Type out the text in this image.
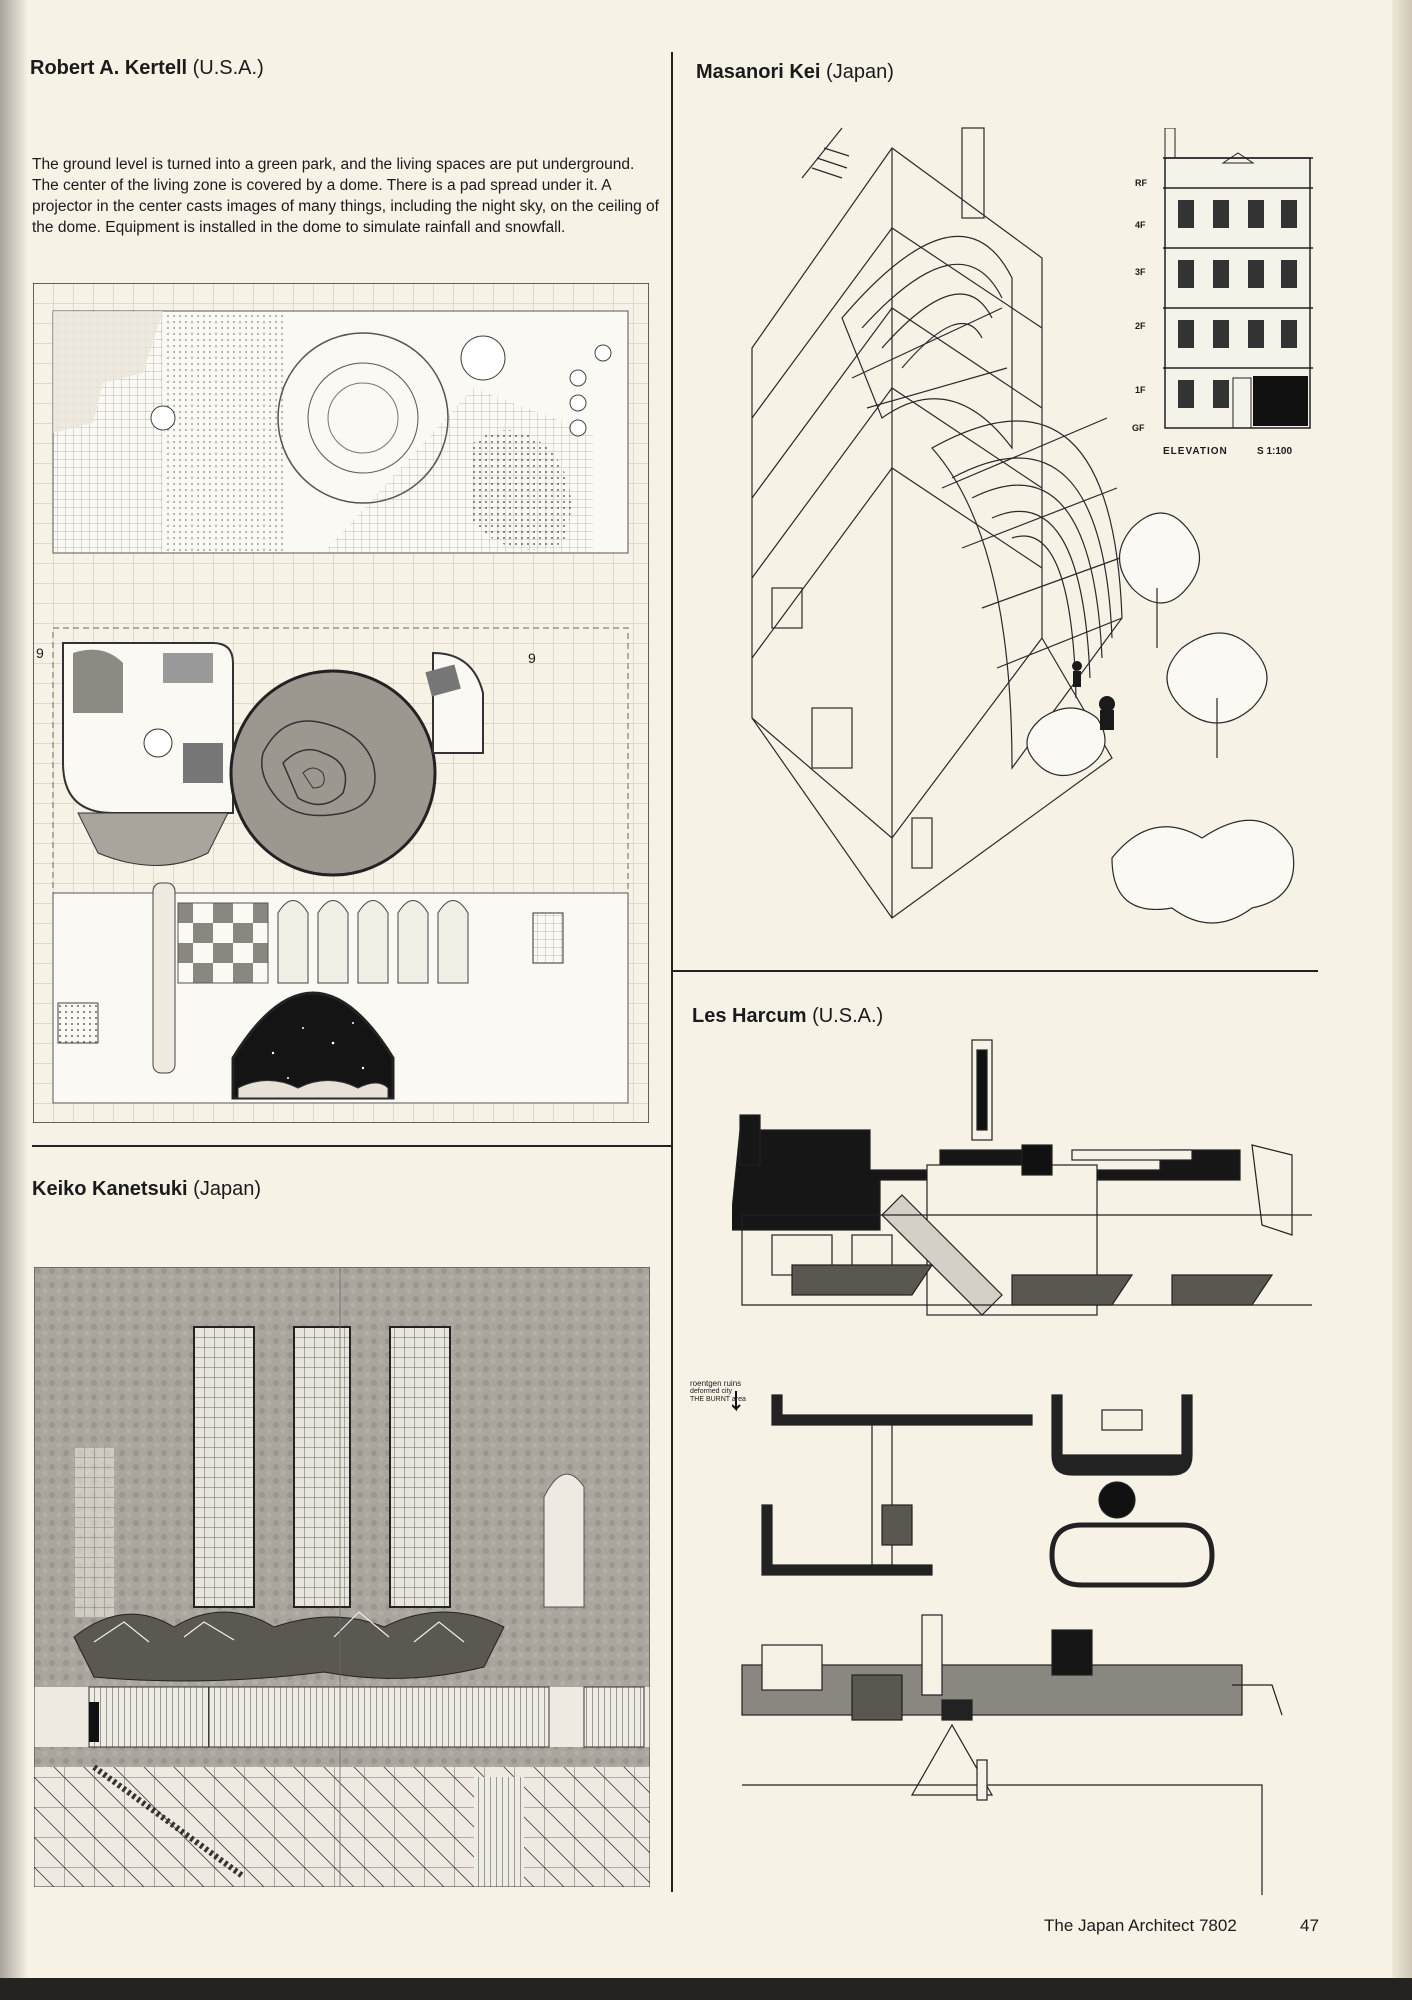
Robert A. Kertell (U.S.A.)	Masanori Kei (Japan)
Les Harcum (U.S.A.)
Keiko Kanetsuki (Japan)
The ground level is turned into a green park, and the living spaces are put underground. The center of the living zone is covered by a dome. There is a pad spread under it. A projector in the center casts images of many things, including the night sky, on the ceiling of the dome. Equipment is installed in the dome to simulate rainfall and snowfall.
9	9
RF
4F
3F
2F
1F
GF
ELEVATION	S 1:100
roentgen ruins
deformed city
THE BURNT area
The Japan Architect 7802	47
